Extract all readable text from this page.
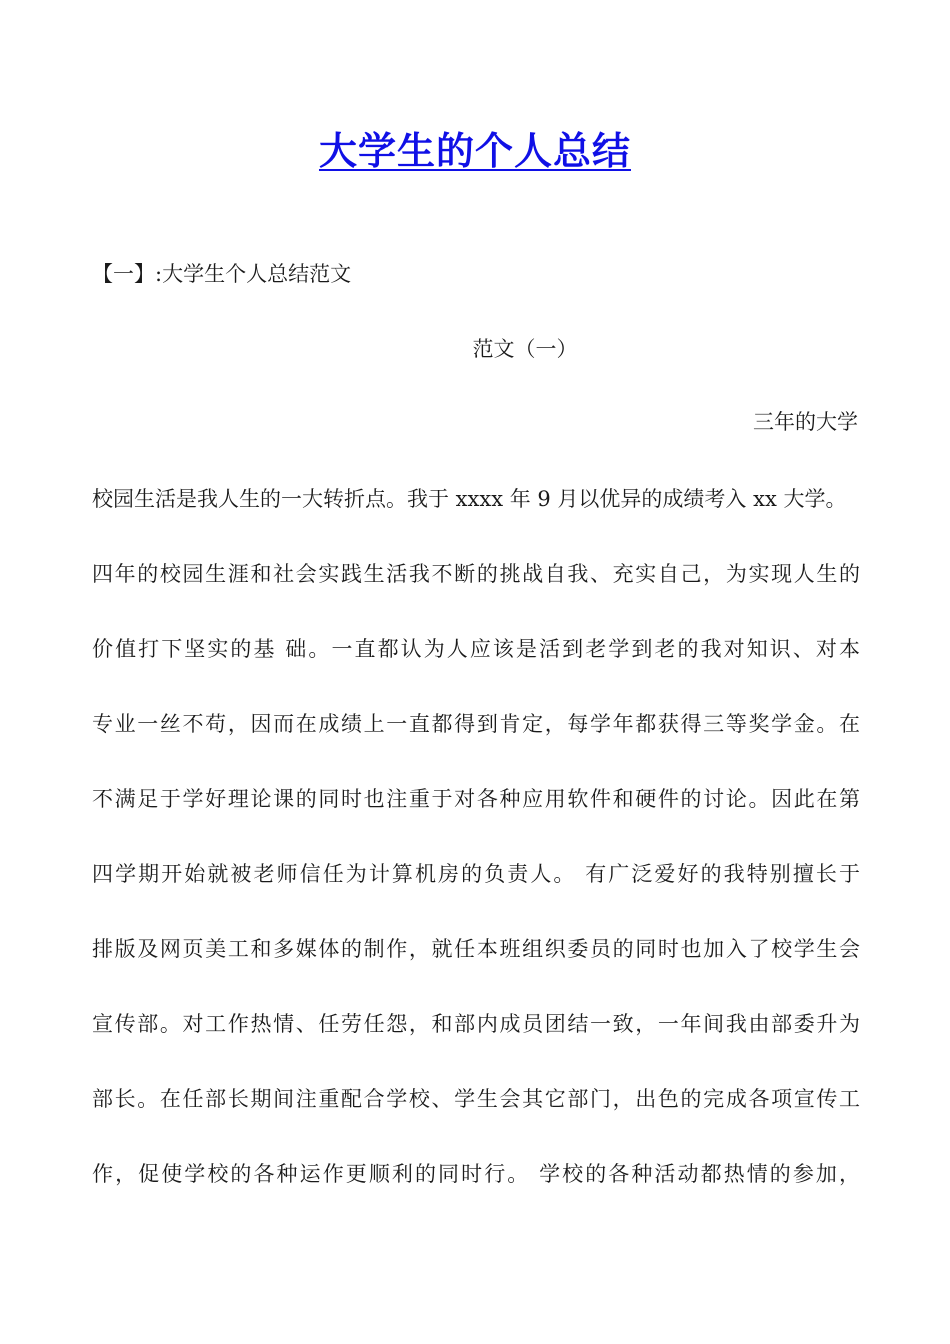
大学生的个人总结
【一】:大学生个人总结范文
范文（一）
三年的大学
校园生活是我人生的一大转折点。我于 xxxx 年 9 月以优异的成绩考入 xx 大学。
四年的校园生涯和社会实践生活我不断的挑战自我、充实自己，为实现人生的
价值打下坚实的基 础。一直都认为人应该是活到老学到老的我对知识、对本
专业一丝不苟，因而在成绩上一直都得到肯定，每学年都获得三等奖学金。在
不满足于学好理论课的同时也注重于对各种应用软件和硬件的讨论。因此在第
四学期开始就被老师信任为计算机房的负责人。 有广泛爱好的我特别擅长于
排版及网页美工和多媒体的制作，就任本班组织委员的同时也加入了校学生会
宣传部。对工作热情、任劳任怨，和部内成员团结一致，一年间我由部委升为
部长。在任部长期间注重配合学校、学生会其它部门，出色的完成各项宣传工
作，促使学校的各种运作更顺利的同时行。 学校的各种活动都热情的参加，
